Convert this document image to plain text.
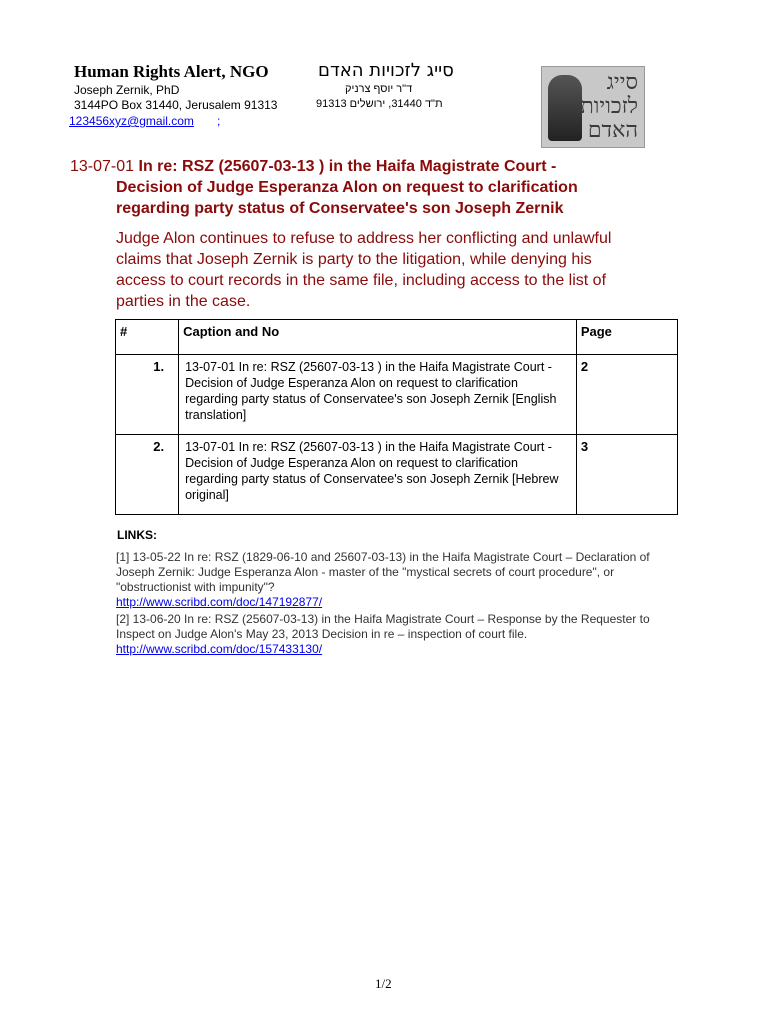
Human Rights Alert, NGO	סייג לזכויות האדם
Joseph Zernik, PhD	ד"ר יוסף צרניק
3144PO Box 31440, Jerusalem 91313	ת"ד 31440, ירושלים 91313
123456xyz@gmail.com ;
סייג
לזכויות
האדם
13-07-01 In re: RSZ (25607-03-13 ) in the Haifa Magistrate Court -
Decision of Judge Esperanza Alon on request to clarification
regarding party status of Conservatee's son Joseph Zernik
Judge Alon continues to refuse to address her conflicting and unlawful claims that Joseph Zernik is party to the litigation, while denying his access to court records in the same file, including access to the list of parties in the case.
#	Caption and No	Page
1.	13-07-01 In re: RSZ (25607-03-13 ) in the Haifa Magistrate Court - Decision of Judge Esperanza Alon on request to clarification regarding party status of Conservatee's son Joseph Zernik [English translation]	2
2.	13-07-01 In re: RSZ (25607-03-13 ) in the Haifa Magistrate Court - Decision of Judge Esperanza Alon on request to clarification regarding party status of Conservatee's son Joseph Zernik [Hebrew original]	3
LINKS:
[1] 13-05-22 In re: RSZ (1829-06-10 and 25607-03-13) in the Haifa Magistrate Court – Declaration of Joseph Zernik: Judge Esperanza Alon - master of the "mystical secrets of court procedure", or "obstructionist with impunity"?
http://www.scribd.com/doc/147192877/
[2] 13-06-20 In re: RSZ (25607-03-13) in the Haifa Magistrate Court – Response by the Requester to Inspect on Judge Alon's May 23, 2013 Decision in re – inspection of court file.
http://www.scribd.com/doc/157433130/
1/2
